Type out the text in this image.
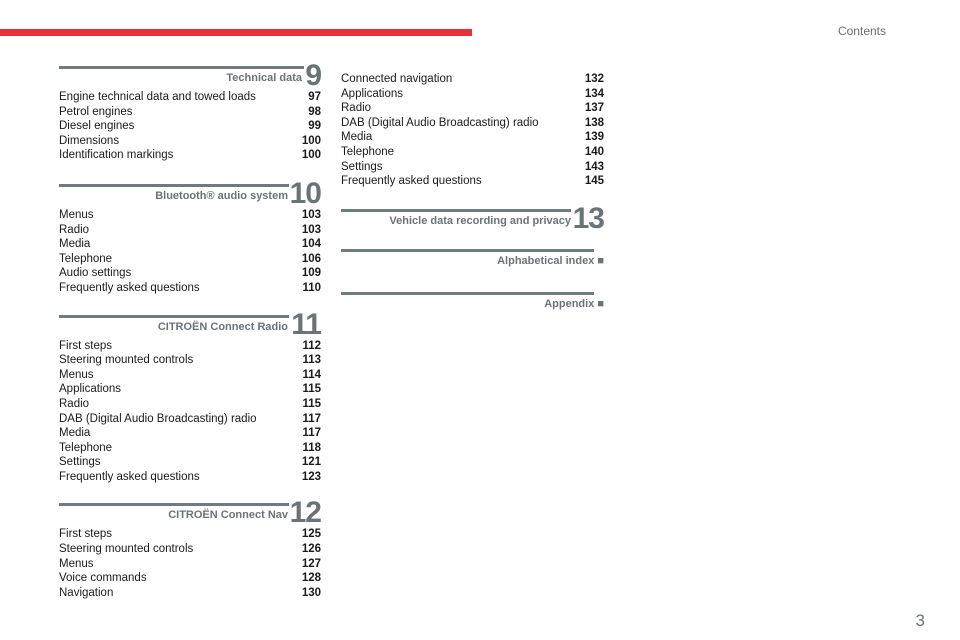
Contents
Technical data 9
Engine technical data and towed loads	97
Petrol engines	98
Diesel engines	99
Dimensions	100
Identification markings	100
Bluetooth® audio system 10
Menus	103
Radio	103
Media	104
Telephone	106
Audio settings	109
Frequently asked questions	110
CITROËN Connect Radio 11
First steps	112
Steering mounted controls	113
Menus	114
Applications	115
Radio	115
DAB (Digital Audio Broadcasting) radio	117
Media	117
Telephone	118
Settings	121
Frequently asked questions	123
CITROËN Connect Nav 12
First steps	125
Steering mounted controls	126
Menus	127
Voice commands	128
Navigation	130
Connected navigation	132
Applications	134
Radio	137
DAB (Digital Audio Broadcasting) radio	138
Media	139
Telephone	140
Settings	143
Frequently asked questions	145
Vehicle data recording and privacy 13
Alphabetical index ■
Appendix ■
3
